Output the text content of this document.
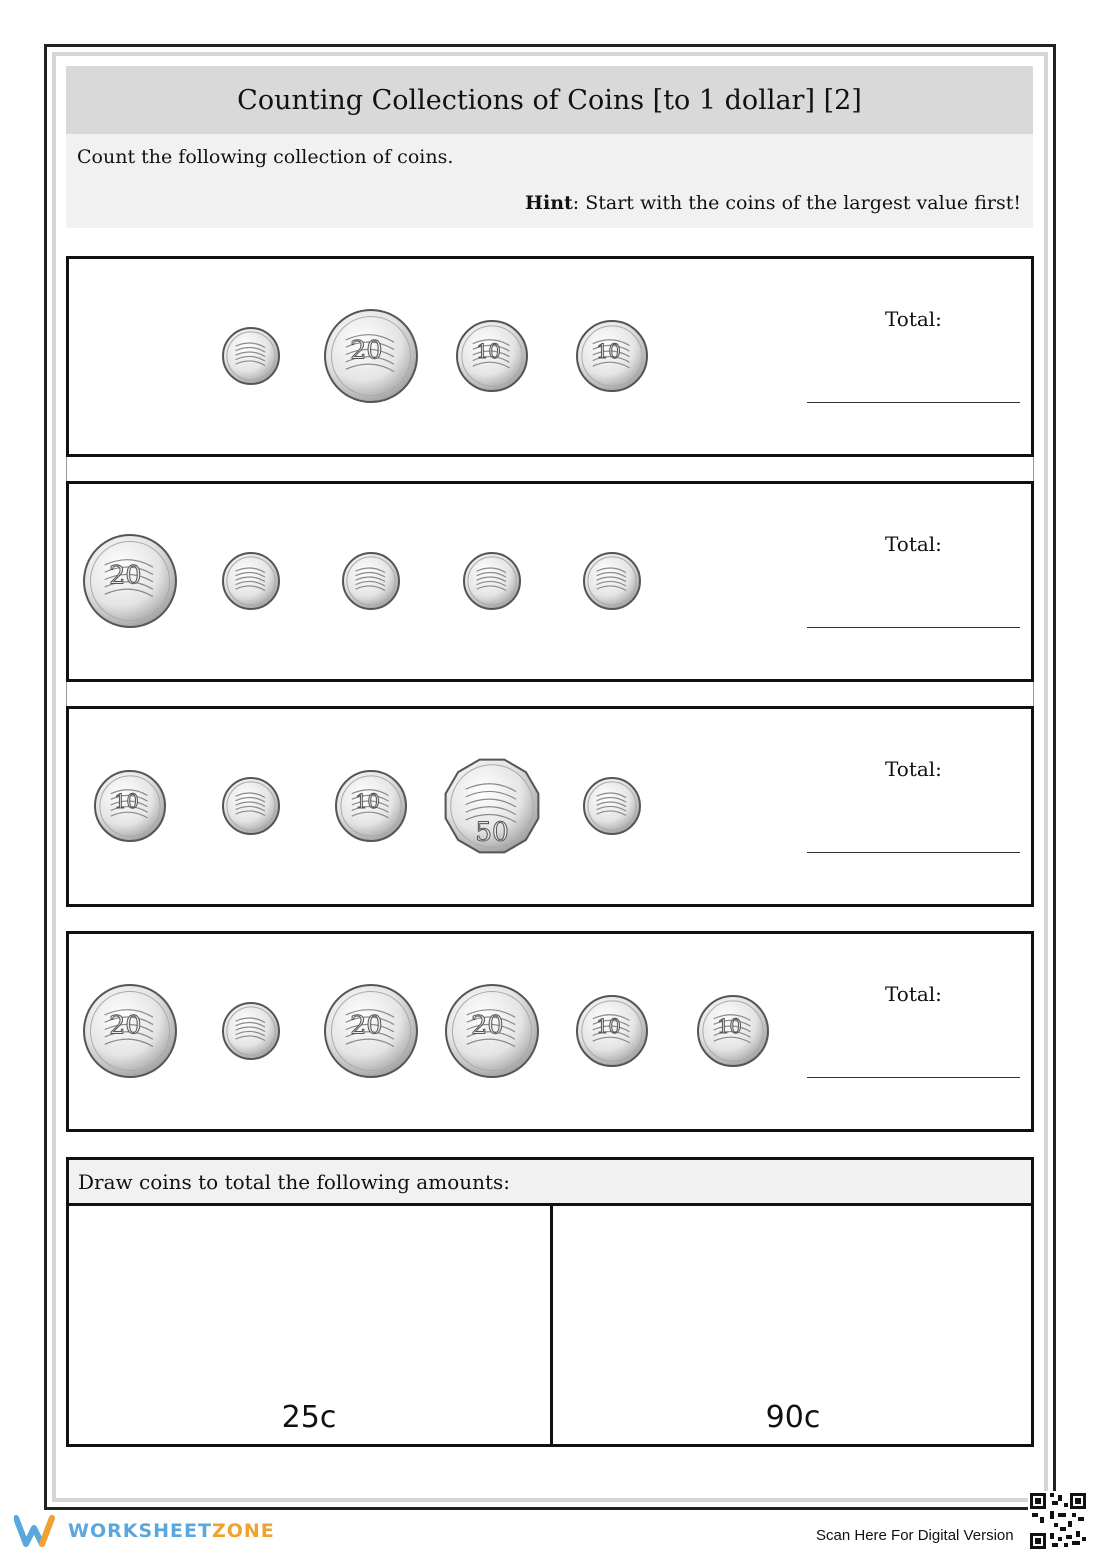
Counting Collections of Coins [to 1 dollar] [2]
Count the following collection of coins.
Hint: Start with the coins of the largest value first!
20	10	10
Total:
20
Total:
10	10
50
Total:
20	20	20	10	10
Total:
Draw coins to total the following amounts:
25c	90c
WORKSHEETZONE	Scan Here For Digital Version
